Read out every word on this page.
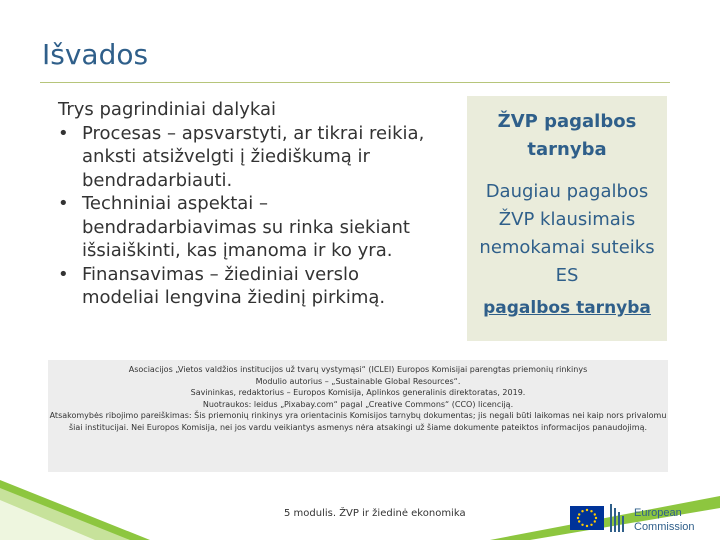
Išvados

Trys pagrindiniai dalykai

• Procesas – apsvarstyti, ar tikrai reikia, anksti atsižvelgti į žiediškumą ir bendradarbiauti.
• Techniniai aspektai – bendradarbiavimas su rinka siekiant išsiaiškinti, kas įmanoma ir ko yra.
• Finansavimas – žiediniai verslo modeliai lengvina žiedinį pirkimą.
ŽVP pagalbos tarnyba
Daugiau pagalbos ŽVP klausimais nemokamai suteiks ES
pagalbos tarnyba
Asociacijos „Vietos valdžios institucijos už tvarų vystymąsi“ (ICLEI) Europos Komisijai parengtas priemonių rinkinys
Modulio autorius – „Sustainable Global Resources“.
Savininkas, redaktorius – Europos Komisija, Aplinkos generalinis direktoratas, 2019.
Nuotraukos: leidus „Pixabay.com“ pagal „Creative Commons“ (CCO) licenciją.
Atsakomybės ribojimo pareiškimas: Šis priemonių rinkinys yra orientacinis Komisijos tarnybų dokumentas; jis negali būti laikomas nei kaip nors privalomu šiai institucijai. Nei Europos Komisija, nei jos vardu veikiantys asmenys nėra atsakingi už šiame dokumente pateiktos informacijos panaudojimą.
5 modulis. ŽVP ir žiedinė ekonomika	European
Commission
